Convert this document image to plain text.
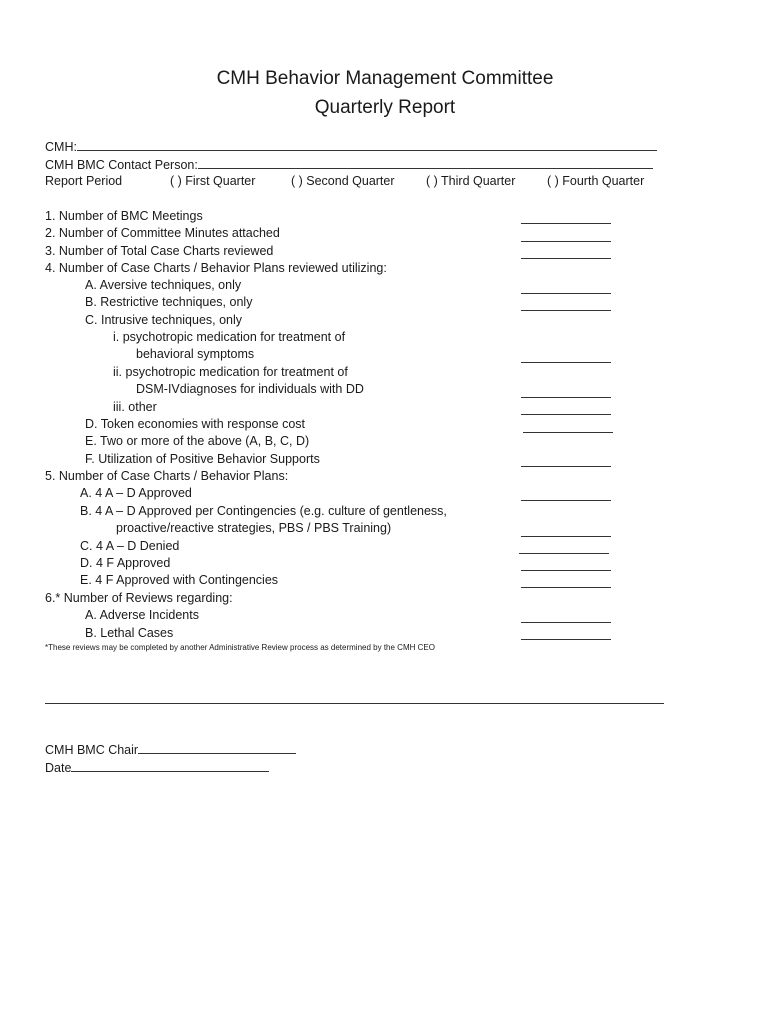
CMH Behavior Management Committee
Quarterly Report
CMH:
CMH BMC Contact Person:
Report Period	( ) First Quarter	( ) Second Quarter	( ) Third Quarter	( ) Fourth Quarter
1. Number of BMC Meetings
2. Number of Committee Minutes attached
3. Number of Total Case Charts reviewed
4. Number of Case Charts / Behavior Plans reviewed utilizing:
A. Aversive techniques, only
B. Restrictive techniques, only
C. Intrusive techniques, only
i. psychotropic medication for treatment of
behavioral symptoms
ii. psychotropic medication for treatment of
DSM-IVdiagnoses for individuals with DD
iii. other
D. Token economies with response cost
E. Two or more of the above (A, B, C, D)
F. Utilization of Positive Behavior Supports
5. Number of Case Charts / Behavior Plans:
A. 4 A – D Approved
B. 4 A – D Approved per Contingencies (e.g. culture of gentleness,
proactive/reactive strategies, PBS / PBS Training)
C. 4 A – D Denied
D. 4 F Approved
E. 4 F Approved with Contingencies
6.* Number of Reviews regarding:
A. Adverse Incidents
B. Lethal Cases
*These reviews may be completed by another Administrative Review process as determined by the CMH CEO
CMH BMC Chair
Date
